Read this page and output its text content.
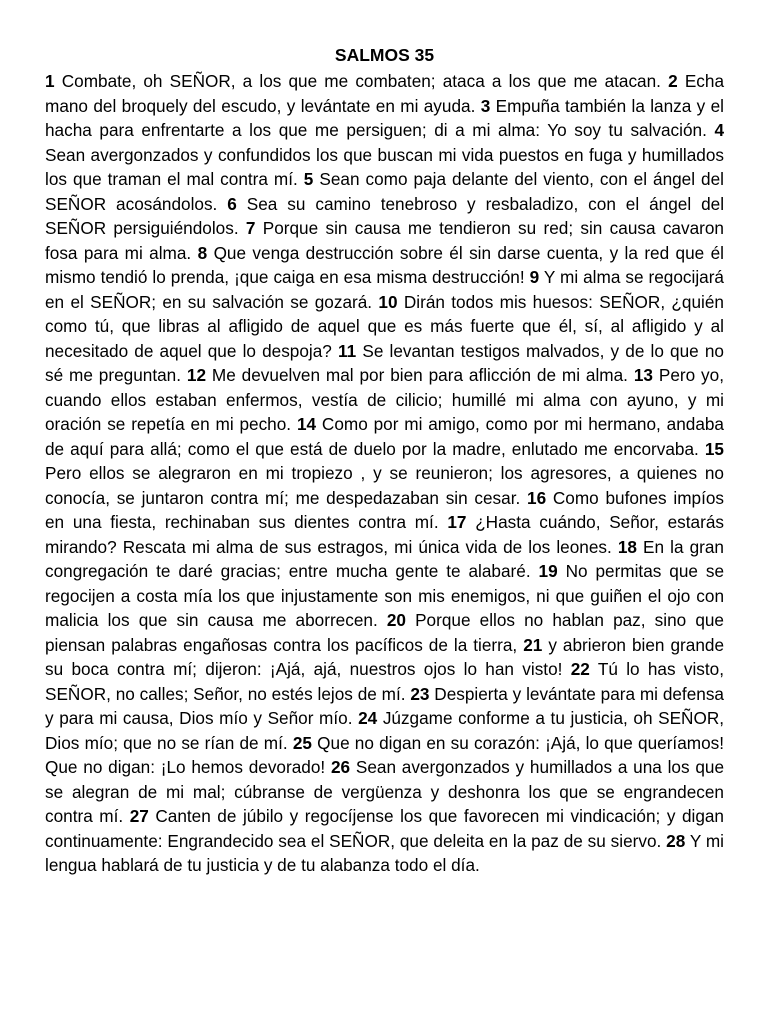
SALMOS 35

1 Combate, oh SEÑOR, a los que me combaten; ataca a los que me atacan. 2 Echa mano del broquely del escudo, y levántate en mi ayuda. 3 Empuña también la lanza y el hacha para enfrentarte a los que me persiguen; di a mi alma: Yo soy tu salvación. 4 Sean avergonzados y confundidos los que buscan mi vida puestos en fuga y humillados los que traman el mal contra mí. 5 Sean como paja delante del viento, con el ángel del SEÑOR acosándolos. 6 Sea su camino tenebroso y resbaladizo, con el ángel del SEÑOR persiguiéndolos. 7 Porque sin causa me tendieron su red; sin causa cavaron fosa para mi alma. 8 Que venga destrucción sobre él sin darse cuenta, y la red que él mismo tendió lo prenda, ¡que caiga en esa misma destrucción! 9 Y mi alma se regocijará en el SEÑOR; en su salvación se gozará. 10 Dirán todos mis huesos: SEÑOR, ¿quién como tú, que libras al afligido de aquel que es más fuerte que él, sí, al afligido y al necesitado de aquel que lo despoja? 11 Se levantan testigos malvados, y de lo que no sé me preguntan. 12 Me devuelven mal por bien para aflicción de mi alma. 13 Pero yo, cuando ellos estaban enfermos, vestía de cilicio; humillé mi alma con ayuno, y mi oración se repetía en mi pecho. 14 Como por mi amigo, como por mi hermano, andaba de aquí para allá; como el que está de duelo por la madre, enlutado me encorvaba. 15 Pero ellos se alegraron en mi tropiezo , y se reunieron; los agresores, a quienes no conocía, se juntaron contra mí; me despedazaban sin cesar. 16 Como bufones impíos en una fiesta, rechinaban sus dientes contra mí. 17 ¿Hasta cuándo, Señor, estarás mirando? Rescata mi alma de sus estragos, mi única vida de los leones. 18 En la gran congregación te daré gracias; entre mucha gente te alabaré. 19 No permitas que se regocijen a costa mía los que injustamente son mis enemigos, ni que guiñen el ojo con malicia los que sin causa me aborrecen. 20 Porque ellos no hablan paz, sino que piensan palabras engañosas contra los pacíficos de la tierra, 21 y abrieron bien grande su boca contra mí; dijeron: ¡Ajá, ajá, nuestros ojos lo han visto! 22 Tú lo has visto, SEÑOR, no calles; Señor, no estés lejos de mí. 23 Despierta y levántate para mi defensa y para mi causa, Dios mío y Señor mío. 24 Júzgame conforme a tu justicia, oh SEÑOR, Dios mío; que no se rían de mí. 25 Que no digan en su corazón: ¡Ajá, lo que queríamos! Que no digan: ¡Lo hemos devorado! 26 Sean avergonzados y humillados a una los que se alegran de mi mal; cúbranse de vergüenza y deshonra los que se engrandecen contra mí. 27 Canten de júbilo y regocíjense los que favorecen mi vindicación; y digan continuamente: Engrandecido sea el SEÑOR, que deleita en la paz de su siervo. 28 Y mi lengua hablará de tu justicia y de tu alabanza todo el día.
